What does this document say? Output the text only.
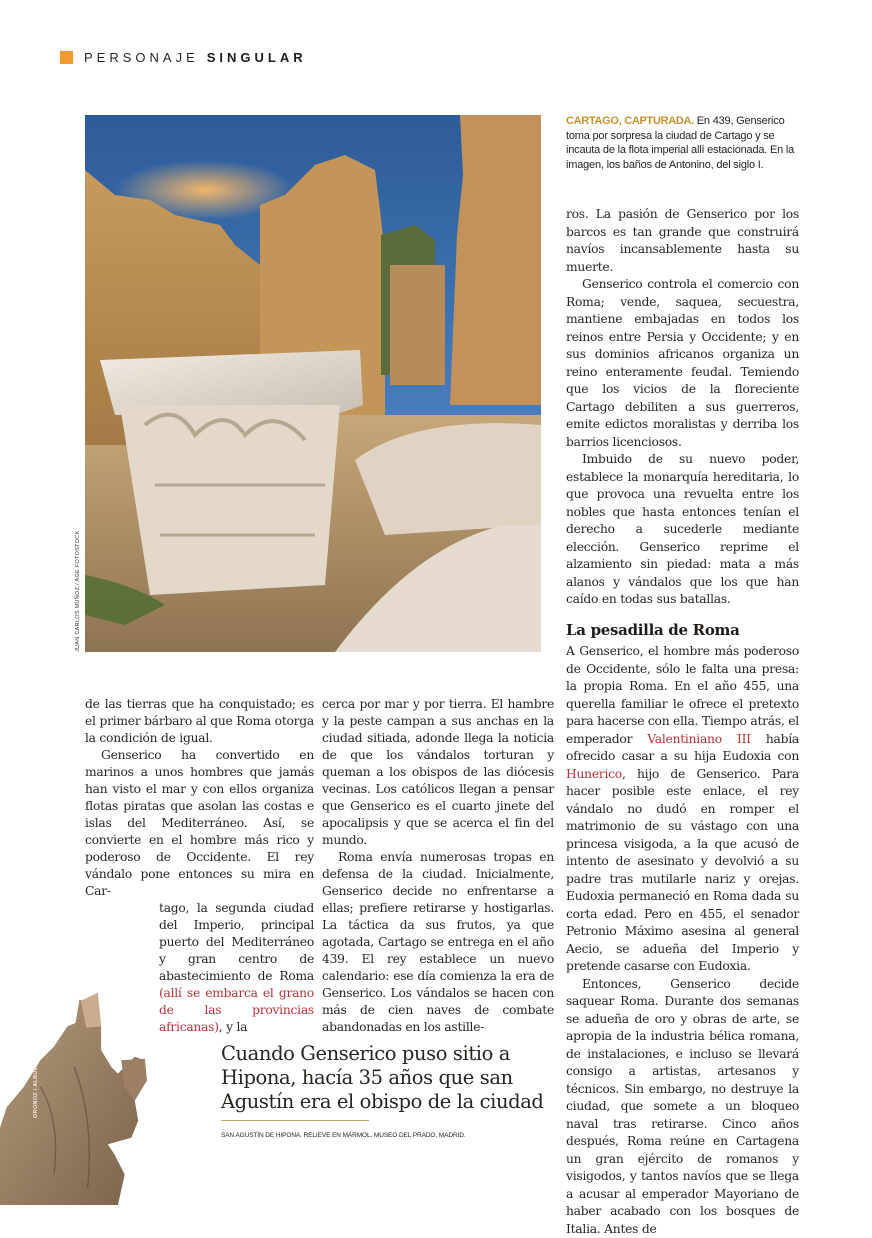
PERSONAJE SINGULAR
JUAN CARLOS MUÑOZ / AGE FOTOSTOCK
CARTAGO, CAPTURADA. En 439, Genserico toma por sorpresa la ciudad de Cartago y se incauta de la flota imperial allí estacionada. En la imagen, los baños de Antonino, del siglo I.

ros. La pasión de Genserico por los barcos es tan grande que construirá navíos incansablemente hasta su muerte.

Genserico controla el comercio con Roma; vende, saquea, secuestra, mantiene embajadas en todos los reinos entre Persia y Occidente; y en sus dominios africanos organiza un reino enteramente feudal. Temiendo que los vicios de la floreciente Cartago debiliten a sus guerreros, emite edictos moralistas y derriba los barrios licenciosos.

Imbuido de su nuevo poder, establece la monarquía hereditaria, lo que provoca una revuelta entre los nobles que hasta entonces tenían el derecho a sucederle mediante elección. Genserico reprime el alzamiento sin piedad: mata a más alanos y vándalos que los que han caído en todas sus batallas.

La pesadilla de Roma

A Genserico, el hombre más poderoso de Occidente, sólo le falta una presa: la propia Roma. En el año 455, una querella familiar le ofrece el pretexto para hacerse con ella. Tiempo atrás, el emperador Valentiniano III había ofrecido casar a su hija Eudoxia con Hunerico, hijo de Genserico. Para hacer posible este enlace, el rey vándalo no dudó en romper el matrimonio de su vástago con una princesa visigoda, a la que acusó de intento de asesinato y devolvió a su padre tras mutilarle nariz y orejas. Eudoxia permaneció en Roma dada su corta edad. Pero en 455, el senador Petronio Máximo asesina al general Aecio, se adueña del Imperio y pretende casarse con Eudoxia.

Entonces, Genserico decide saquear Roma. Durante dos semanas se adueña de oro y obras de arte, se apropia de la industria bélica romana, de instalaciones, e incluso se llevará consigo a artistas, artesanos y técnicos. Sin embargo, no destruye la ciudad, que somete a un bloqueo naval tras retirarse. Cinco años después, Roma reúne en Cartagena un gran ejército de romanos y visigodos, y tantos navíos que se llega a acusar al emperador Mayoriano de haber acabado con los bosques de Italia. Antes de

de las tierras que ha conquistado; es el primer bárbaro al que Roma otorga la condición de igual.

Genserico ha convertido en marinos a unos hombres que jamás han visto el mar y con ellos organiza flotas piratas que asolan las costas e islas del Mediterráneo. Así, se convierte en el hombre más rico y poderoso de Occidente. El rey vándalo pone entonces su mira en Car-

tago, la segunda ciudad del Imperio, principal puerto del Mediterráneo y gran centro de abastecimiento de Roma (allí se embarca el grano de las provincias africanas), y la

cerca por mar y por tierra. El hambre y la peste campan a sus anchas en la ciudad sitiada, adonde llega la noticia de que los vándalos torturan y queman a los obispos de las diócesis vecinas. Los católicos llegan a pensar que Genserico es el cuarto jinete del apocalipsis y que se acerca el fin del mundo.

Roma envía numerosas tropas en defensa de la ciudad. Inicialmente, Genserico decide no enfrentarse a ellas; prefiere retirarse y hostigarlas. La táctica da sus frutos, ya que agotada, Cartago se entrega en el año 439. El rey establece un nuevo calendario: ese día comienza la era de Genserico. Los vándalos se hacen con más de cien naves de combate abandonadas en los astille-

ORONOZ / ALBUM
Cuando Genserico puso sitio a Hipona, hacía 35 años que san Agustín era el obispo de la ciudad
SAN AGUSTÍN DE HIPONA. RELIEVE EN MÁRMOL. MUSEO DEL PRADO, MADRID.
